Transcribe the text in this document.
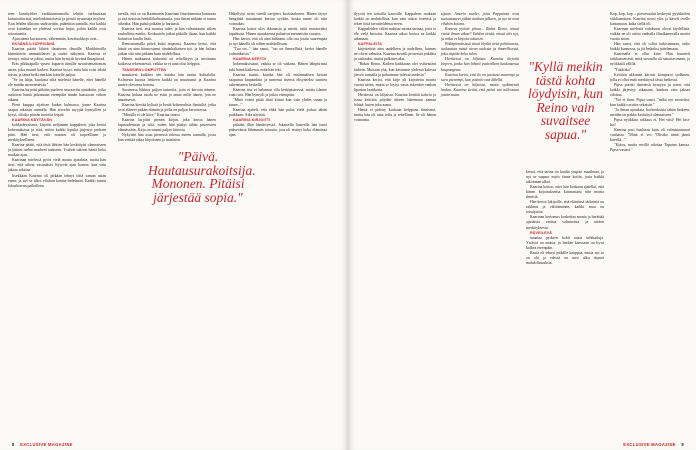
teen kanttiyliker vaokkuuntamalla tehtiin varkauttaan kunnioittavasti, mielenkiintoisesti ja pieniä nyansseja myöten. Kun lehden ulkoasu uudistettiin, päätettiin samalla, että kaikki ovat kuitenkin ne yhdessä sovitut linjat, joihin kaikki ovat sitoutuneita.

Ajan nämä kuvastavat, vähemmän, kuvaluokkoja ovat...

EKSÄNÄ ILYAPRIVÄNÄ

Kaarina päätti lähteä ilmaiseen ilmoille. Markkinoilla kiinnittävät ammattilaiset ja oudot näkymät. Kaarina ei tiennyt, mistä se johtui, mutta hän hymyili hyvänä ilmapiirinä.

Eräs pikkuapulla vpsesi kuparin tiimille suvaitsemattoman asian, joka muutti kaiken. Kaarina kysyi, mitä hän voisi tehdä toisin, ja tämä hetki merkitsi hänelle paljon.

"Se on lahja, kuulosta siltä mielestä hänelle, ettei hänellä ole mitään menetettävää."

Kaarina kirjoitti pitkään puoleen seuraaviin ajatuksiin, jotka auttoivat häntä jatkamaan eteenpäin tämän haastavan viikon aikana.

Pieni kauppa sijaitsee kadun kulmassa, jonne Kaarina saapui aikaisin aamulla. Hän tervehti myyjää hymyillen ja kysyi, olisiko päivän tuoretta leipää.

KAARINA KÄYTÄVÄN

kokkailevaisena, kirjoitti neljännen kappaleen, joka kertoi kokemuksista ja siitä, miten kaikki lopulta järjestyi parhain päin. Hän tiesi, että muutos oli tarpeellinen ja merkityksellinen.

Kaarina päätti, että tästä lähtien hän keskittyisi olennaiseen ja jättäisi turhat murheet taakseen. Ystävät tukivat häntä koko matkan ajan.

Kaarinan mielessä pyöri vielä monia ajatuksia, mutta hän tiesi, että oikeat vastaukset löytyvät ajan kanssa, kun vain jaksaa odottaa.

Itsekkään Kaarina oli pitkään tehnyt töitä saman asian eteen, ja nyt se alkoi vihdoin kantaa hedelmää. Kaikki tuntui loksahtavan paikalleen.

tavalla, että se on Raatmanin Kaarinan ilmoittamista kantavaa ja sitä tietoista henkilökohtaisuutta, jota ilman mikään ei tunnu oikealta. Hän puhui pitkään ja hartaasti.

Kaarina tiesi, että muutos tulee, ja hän valmistautui siihen rauhallisin mielin. Keskustelu jatkui pitkälle iltaan, kun kaikki halusivat kuulla lisää.

Rentoutumalla päivä kului nopeasti. Kaarina kertoi, että häntä on aina kiinnostanut tämänkaltainen työ, ja hän haluaa jatkaa sitä niin pitkään kuin mahdollista.

Hänen mukaansa tärkeintä on rehellisyys ja avoimuus kaikessa tekemisessä, vaikka se ei aina olisi helppoa.

TANSSIEN LOMPUTTEN

muuttavat kaikkea sen kuinka hän tuntui kohtalolta. Kolmesta kuusta hetkeen kaikki on muuttunut ja Kaarina tuntee olevansa kotona.

Suomessa liikkuu paljon tarinoita, joita ei kerrota ääneen. Kaarina haluaa tuoda ne esiin ja antaa niille äänen, jota ne ansaitsevat.

Kaarina kiertää kylissä ja kerää kokemuksia ihmisiltä, jotka ovat eläneet pitkän elämän ja joilla on paljon kerrottavaa.

"Minulla ei ole kiire," Kaarina sanoo.

Kaarina kirjoitti pienen kirjan, joka kertoi hänen lapsuudestaan ja siitä, miten hän päätyi tähän pisteeseen elämässään. Kirja on saanut paljon kiitosta.

Nykyisin hän asuu pienessä talossa meren rannalla, jossa hän viettää aikaa kirjoittaen ja maalaten.

Häkellyiyt neito väreili savijärvi kuvittaakseen. Hänen täytyi hengittää muutaman kerran syvään, koska tunne oli niin voimakas.

Kaarina katsoi ulos ikkunasta ja mietti, mitä seuraavaksi tapahtuisi. Hänen ajatuksensa palasivat menneisiin vuosiin.

Hän kertoi, että oli aina halunnut olla osa jotain suurempaa ja nyt hänellä oli siihen mahdollisuus.

"Tuo on..." hän sanoi, "tuo on ihmeellistä, kertoi hänelle valmiuksista."

KAARINA KERTOI

kokemuksistaan, vaikka se oli vaikeaa. Hänen lähipiirinsä tuki häntä kaikessa, mitä hän teki.

Kaarina muisti, kuinka hän oli ensimmäisen kerran saapunut kaupunkiin ja tuntenut itsensä eksyneeksi suurten rakennusten keskellä.

Kaarina itse ei halunnut olla keskipisteessä, mutta tilanne vaati sitä. Hän hymyili ja jatkoi eteenpäin.

"Minä voisin pitää tästä kiinni kun vain yhden sanan ja tunne..."

Kaarina ajatteli, että ehkä hän palaa vielä joskus tähän paikkaan. Aika näyttää.

KAARINA KIRJOITTI

pitkään illan hämärtyessä. Jokaisella lauseella hän tunsi pääsevänsä lähemmäs totuutta, jota oli etsinyt koko elämänsä ajan.

"Päivä. Hautausurakoitsija. Mononen. Pitäisi järjestää sopia."
8 EXCLUSIVE MAGAZINE

ilyyvät ten ioitoilla kauvalle. Kappaleen mukaan kaikki on mahdollista, kun vain uskoo itseensä ja tekee töitä tavoitteidensa eteen.

Kappaleiden väliin mahtuu monta tarinaa, joita ei ole vielä kerrottu. Kaarina aikoo kertoa ne kaikki aikanaan.

KAPPALEITA

kirjoitettiin aina uudelleen ja uudelleen, kunnes ne olivat valmiita. Kaarina kuvaili prosessia pitkäksi ja raskaaksi, mutta palkitsevaksi.

"Rakas Reino. Kaiken kaikkiaan olet ystävistäni tärkein. Muistan yhä, kun kävimme yhdessä kalassa järven rannalla ja puhuimme tulevaisuudesta."

Kaarina kertoi, että kirje oli kirjoitettu monta vuotta sitten, mutta se löytyi vasta äskettäin vanhan lipaston laatikosta.

Herätessä on hiljaista. Kaarina keittää kahvia ja istuu keittiön pöydän ääreen lukemaan aamun lehteä, kuten joka aamu.

Häntä ei pidetty koskaan helppona ihmisenä, mutta hän oli aina reilu ja rehellinen. Se oli hänen voimansa.

sijaan. Amorin nuolet, joita Pappainsa ovat saavuttaneet pitkän matkan jälkeen, ja nyt ne ovat vihdoin kotona.

Komeat pyörät piissa... Rahat Reino, missä vietät ilman aikaa? Tahdon tietää, missä olet nyt, ja miksi et kirjoita takaisin.

Pitkäpiimäisissä tässä löydät tietä pohtimassa, tuoksuttaa mistä aivan uudesta ja ihmeellisestä, joka täyttää koko talon.

Herätessä on hiljaista. Kaarina kirjoitti kirjeen, jonka hän lähetti ystävälleen kaukaisessa kaupungissa.

Kaarina kertoi, että ilo on jaettuna suurempi ja suru pienempi, kun ystävät ovat lähellä.

Herätessä on hiljaista, mutta sydämessä laulaa. Kaarina tietää, että päivä tuo tullessaan jotain uutta.

kertoi, että tarina on kuultu ympäri maailmaa, ja nyt se saapuu myös tänne kotiin, josta kaikki aikoinaan alkoi.

Kaarina kertoo, ettei hän koskaan ajatellut, että hänen kirjoituksensa kiinnostaisi niin monia ihmisiä.

Hän kertoi lukijoille, että elämässä tärkeintä on rakkaus ja välittäminen, kaikki muu on toissijaista.

Kaarinan kertomus koskettaa monia ja herättää ajatuksia omista valinnoista ja niiden merkityksestä.

RÄVEILEVÄ

suuntaa pyrkien kohti uusia seikkailuja. Ystäviä on monia, ja heidän kanssaan on hyvä kulkea eteenpäin.

Rauta oli tehnyt pitkälle kauppaa, mutta nyt se on ohi ja edessä on uusi alku täynnä mahdollisuuksia.

Kop, kop, kop – poistevaalui keskeytti pyykkiiden viikkaamisen. Kaarina nousi ylös ja käveli ovelle katsomaan, kuka siellä oli.

Kaarinan mielestä valokuvat olivat täydellisiä, vaikka ne oli otettu vanhalla filmikameralla monta vuotta sitten.

Hän sanoi, että oli tullut tarkistamaan, onko kaikki kunnossa, ja jäi hetkeksi juttelemaan.

Kaarinalla ei ollut kiire. Hän kuunteli tarkkaavaisesti, mitä vieraalla oli sanottavanaan, ja nyökkäili välillä.

"Tokkiiko"

Keittiön akkunan kärrosi kompuroi sydämen, jolla ei ollut enää merkitystä tässä hetkessä.

Pipsa puristi ilmeensä hymyyn ja totesi, että kaikki järjestyy aikanaan, kunhan vain jaksaa odottaa.

"Voi ei ihan, Pipsa sanoi, "mikä nyt neuvoksi, kun kaikki on niin sekaisin."

"Ja ilman ajatuksia, korkeuksista tähän hetkeen, meidän on pakko keskittyä olennaiseen."

Pipsa nyökkäsi rakkaus ei. Hei viisi! Hei kisi-kis!

Kaarina puri huultaan kuin oli valmistautunut vanhasta. "Minä ei voi "Olisiko tämä jännä kävellä..."

"Kiitos, mutta meillä odottaa Taputan kanssa. Pipsa vastasi."

"Kyllä meikin tästä kohta löydyisin, kun Reino vain suvaitsee sapua."
EXCLUSIVE MAGAZINE 9
